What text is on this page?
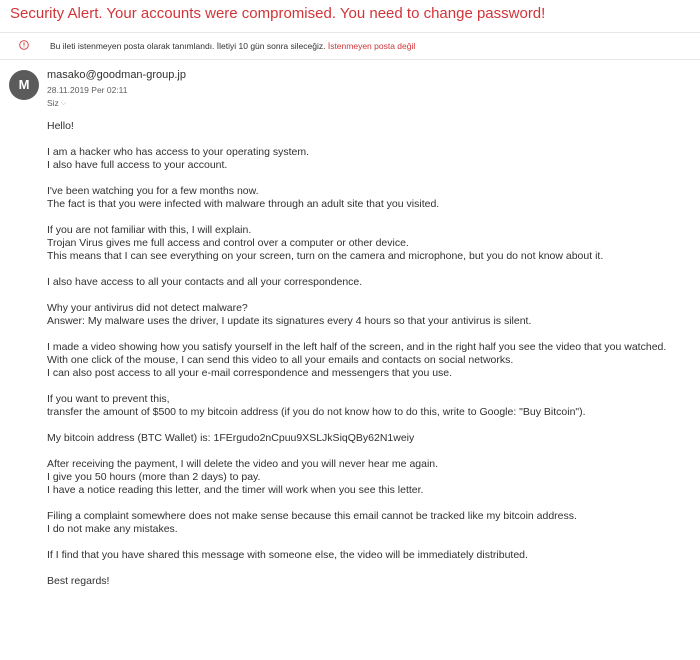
Security Alert. Your accounts were compromised. You need to change password!
Bu ileti istenmeyen posta olarak tanımlandı. İletiyi 10 gün sonra sileceğiz. İstenmeyen posta değil
M
masako@goodman-group.jp
28.11.2019 Per 02:11
Siz ⌵

Hello!

I am a hacker who has access to your operating system.
I also have full access to your account.

I've been watching you for a few months now.
The fact is that you were infected with malware through an adult site that you visited.

If you are not familiar with this, I will explain.
Trojan Virus gives me full access and control over a computer or other device.
This means that I can see everything on your screen, turn on the camera and microphone, but you do not know about it.

I also have access to all your contacts and all your correspondence.

Why your antivirus did not detect malware?
Answer: My malware uses the driver, I update its signatures every 4 hours so that your antivirus is silent.

I made a video showing how you satisfy yourself in the left half of the screen, and in the right half you see the video that you watched.
With one click of the mouse, I can send this video to all your emails and contacts on social networks.
I can also post access to all your e-mail correspondence and messengers that you use.

If you want to prevent this,
transfer the amount of $500 to my bitcoin address (if you do not know how to do this, write to Google: "Buy Bitcoin").

My bitcoin address (BTC Wallet) is: 1FErgudo2nCpuu9XSLJkSiqQBy62N1weiy

After receiving the payment, I will delete the video and you will never hear me again.
I give you 50 hours (more than 2 days) to pay.
I have a notice reading this letter, and the timer will work when you see this letter.

Filing a complaint somewhere does not make sense because this email cannot be tracked like my bitcoin address.
I do not make any mistakes.

If I find that you have shared this message with someone else, the video will be immediately distributed.

Best regards!
